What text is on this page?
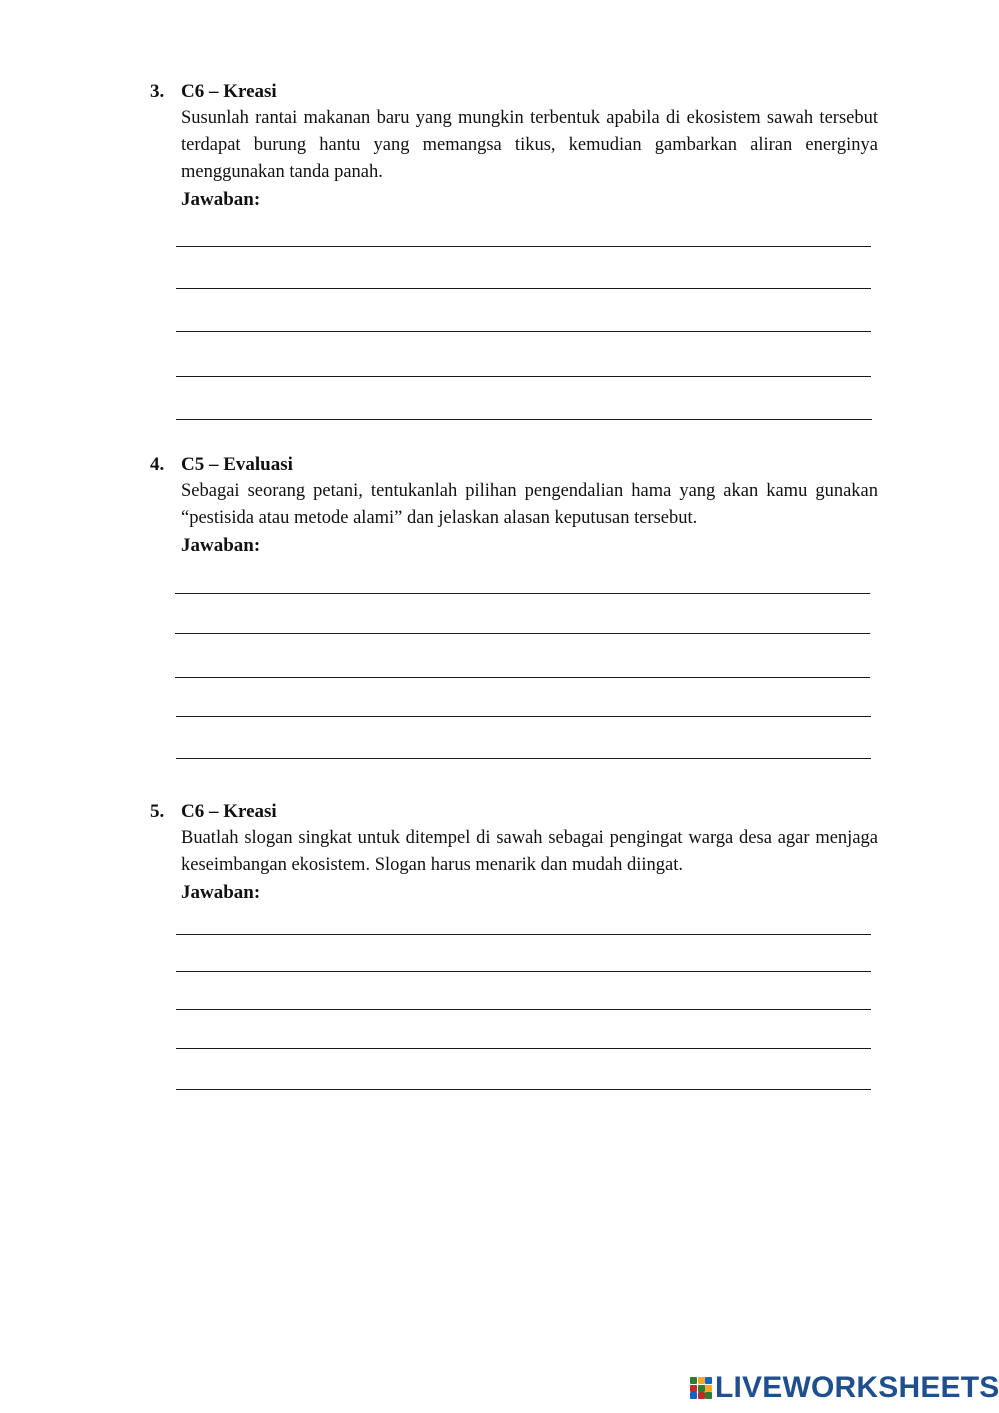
3. C6 – Kreasi
Susunlah rantai makanan baru yang mungkin terbentuk apabila di ekosistem sawah tersebut terdapat burung hantu yang memangsa tikus, kemudian gambarkan aliran energinya menggunakan tanda panah.
Jawaban:
4. C5 – Evaluasi
Sebagai seorang petani, tentukanlah pilihan pengendalian hama yang akan kamu gunakan “pestisida atau metode alami” dan jelaskan alasan keputusan tersebut.
Jawaban:
5. C6 – Kreasi
Buatlah slogan singkat untuk ditempel di sawah sebagai pengingat warga desa agar menjaga keseimbangan ekosistem. Slogan harus menarik dan mudah diingat.
Jawaban:
LIVEWORKSHEETS
